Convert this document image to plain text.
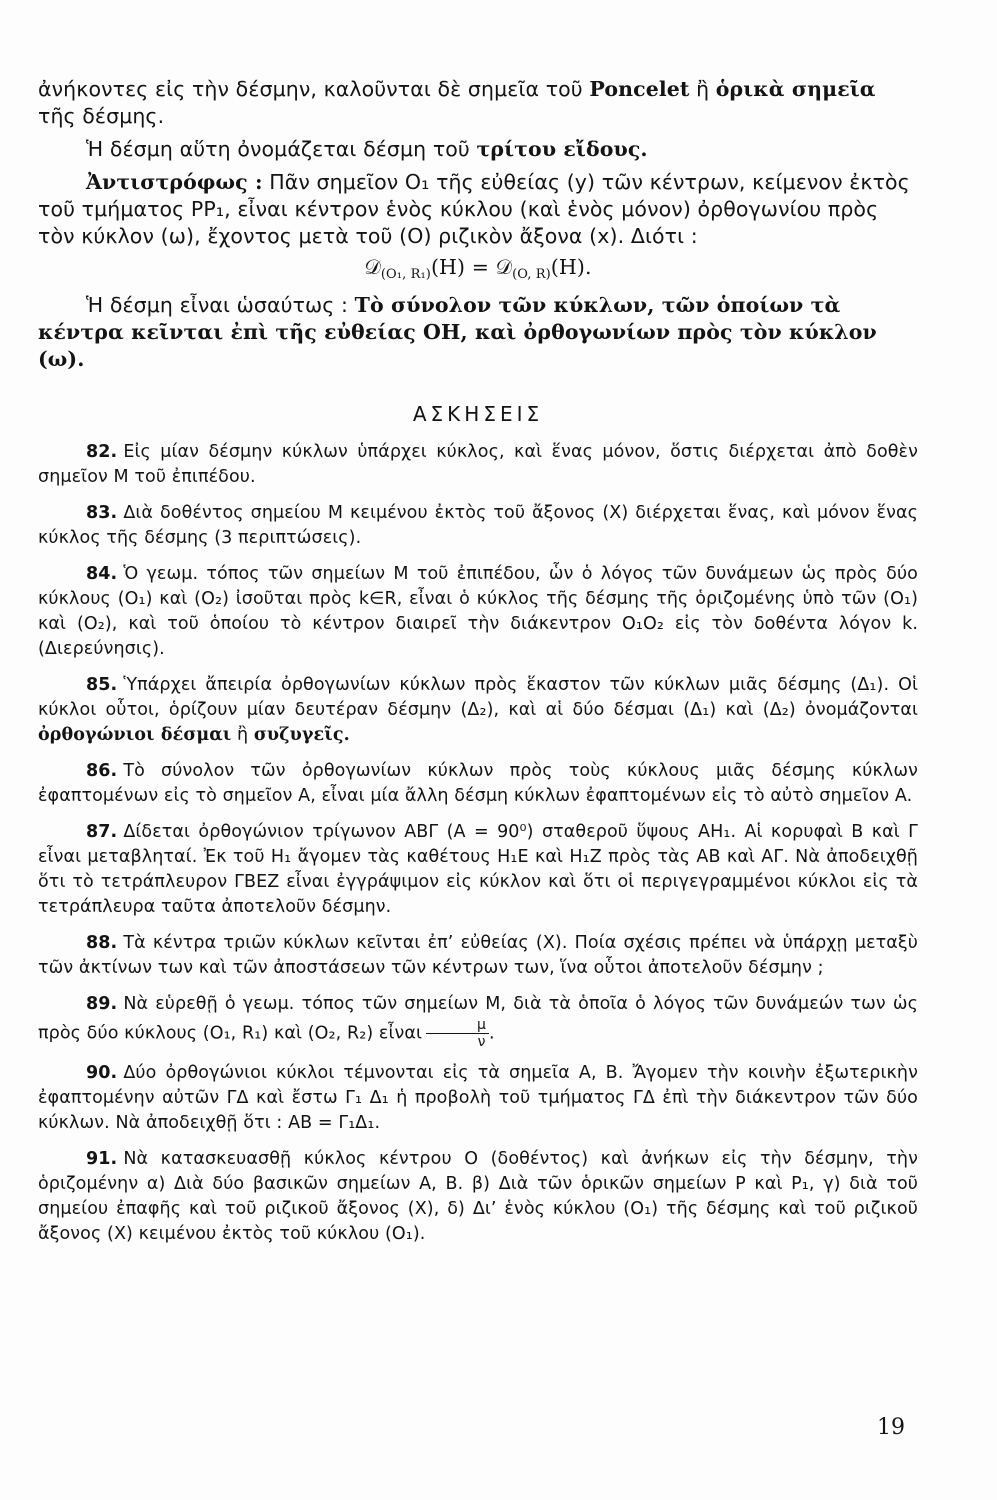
ἀνήκοντες εἰς τὴν δέσμην, καλοῦνται δὲ σημεῖα τοῦ Poncelet ἢ ὁρικὰ σημεῖα τῆς δέσμης.

Ἡ δέσμη αὕτη ὀνομάζεται δέσμη τοῦ τρίτου εἴδους.

Ἀντιστρόφως : Πᾶν σημεῖον O₁ τῆς εὐθείας (y) τῶν κέντρων, κείμενον ἐκτὸς τοῦ τμήματος PP₁, εἶναι κέντρον ἑνὸς κύκλου (καὶ ἑνὸς μόνον) ὀρθογωνίου πρὸς τὸν κύκλον (ω), ἔχοντος μετὰ τοῦ (O) ριζικὸν ἄξονα (x). Διότι :

𝒟$_{(O_1, R_1)}$(H) = 𝒟$_{(O, R)}$(H).

Ἡ δέσμη εἶναι ὡσαύτως : Τὸ σύνολον τῶν κύκλων, τῶν ὁποίων τὰ κέντρα κεῖνται ἐπὶ τῆς εὐθείας OH, καὶ ὀρθογωνίων πρὸς τὸν κύκλον (ω).

ΑΣΚΗΣΕΙΣ

82. Εἰς μίαν δέσμην κύκλων ὑπάρχει κύκλος, καὶ ἕνας μόνον, ὅστις διέρχεται ἀπὸ δοθὲν σημεῖον M τοῦ ἐπιπέδου.

83. Διὰ δοθέντος σημείου M κειμένου ἐκτὸς τοῦ ἄξονος (X) διέρχεται ἕνας, καὶ μόνον ἕνας κύκλος τῆς δέσμης (3 περιπτώσεις).

84. Ὁ γεωμ. τόπος τῶν σημείων M τοῦ ἐπιπέδου, ὧν ὁ λόγος τῶν δυνάμεων ὡς πρὸς δύο κύκλους (O₁) καὶ (O₂) ἰσοῦται πρὸς k∈R, εἶναι ὁ κύκλος τῆς δέσμης τῆς ὁριζομένης ὑπὸ τῶν (O₁) καὶ (O₂), καὶ τοῦ ὁποίου τὸ κέντρον διαιρεῖ τὴν διάκεντρον O₁O₂ εἰς τὸν δοθέντα λόγον k. (Διερεύνησις).

85. Ὑπάρχει ἄπειρία ὀρθογωνίων κύκλων πρὸς ἕκαστον τῶν κύκλων μιᾶς δέσμης (Δ₁). Οἱ κύκλοι οὗτοι, ὁρίζουν μίαν δευτέραν δέσμην (Δ₂), καὶ αἱ δύο δέσμαι (Δ₁) καὶ (Δ₂) ὀνομάζονται ὀρθογώνιοι δέσμαι ἢ συζυγεῖς.

86. Τὸ σύνολον τῶν ὀρθογωνίων κύκλων πρὸς τοὺς κύκλους μιᾶς δέσμης κύκλων ἐφαπτομένων εἰς τὸ σημεῖον A, εἶναι μία ἄλλη δέσμη κύκλων ἐφαπτομένων εἰς τὸ αὐτὸ σημεῖον A.

87. Δίδεται ὀρθογώνιον τρίγωνον ΑΒΓ (Α = 90⁰) σταθεροῦ ὕψους ΑΗ₁. Αἱ κορυφαὶ Β καὶ Γ εἶναι μεταβληταί. Ἐκ τοῦ Η₁ ἄγομεν τὰς καθέτους Η₁Ε καὶ Η₁Ζ πρὸς τὰς ΑΒ καὶ ΑΓ. Νὰ ἀποδειχθῇ ὅτι τὸ τετράπλευρον ΓΒΕΖ εἶναι ἐγγράψιμον εἰς κύκλον καὶ ὅτι οἱ περιγεγραμμένοι κύκλοι εἰς τὰ τετράπλευρα ταῦτα ἀποτελοῦν δέσμην.

88. Τὰ κέντρα τριῶν κύκλων κεῖνται ἐπ’ εὐθείας (X). Ποία σχέσις πρέπει νὰ ὑπάρχῃ μεταξὺ τῶν ἀκτίνων των καὶ τῶν ἀποστάσεων τῶν κέντρων των, ἵνα οὗτοι ἀποτελοῦν δέσμην ;

89. Νὰ εὑρεθῇ ὁ γεωμ. τόπος τῶν σημείων M, διὰ τὰ ὁποῖα ὁ λόγος τῶν δυνάμεών των ὡς πρὸς δύο κύκλους (O₁, R₁) καὶ (O₂, R₂) εἶναι $\frac{\mu}{\nu}$ .

90. Δύο ὀρθογώνιοι κύκλοι τέμνονται εἰς τὰ σημεῖα A, B. Ἄγομεν τὴν κοινὴν ἐξωτερικὴν ἐφαπτομένην αὐτῶν ΓΔ καὶ ἔστω Γ₁ Δ₁ ἡ προβολὴ τοῦ τμήματος ΓΔ ἐπὶ τὴν διάκεντρον τῶν δύο κύκλων. Νὰ ἀποδειχθῇ ὅτι : AB = Γ₁Δ₁.

91. Νὰ κατασκευασθῇ κύκλος κέντρου O (δοθέντος) καὶ ἀνήκων εἰς τὴν δέσμην, τὴν ὁριζομένην α) Διὰ δύο βασικῶν σημείων A, B. β) Διὰ τῶν ὁρικῶν σημείων P καὶ P₁, γ) διὰ τοῦ σημείου ἐπαφῆς καὶ τοῦ ριζικοῦ ἄξονος (X), δ) Δι’ ἑνὸς κύκλου (O₁) τῆς δέσμης καὶ τοῦ ριζικοῦ ἄξονος (X) κειμένου ἐκτὸς τοῦ κύκλου (O₁).

19
